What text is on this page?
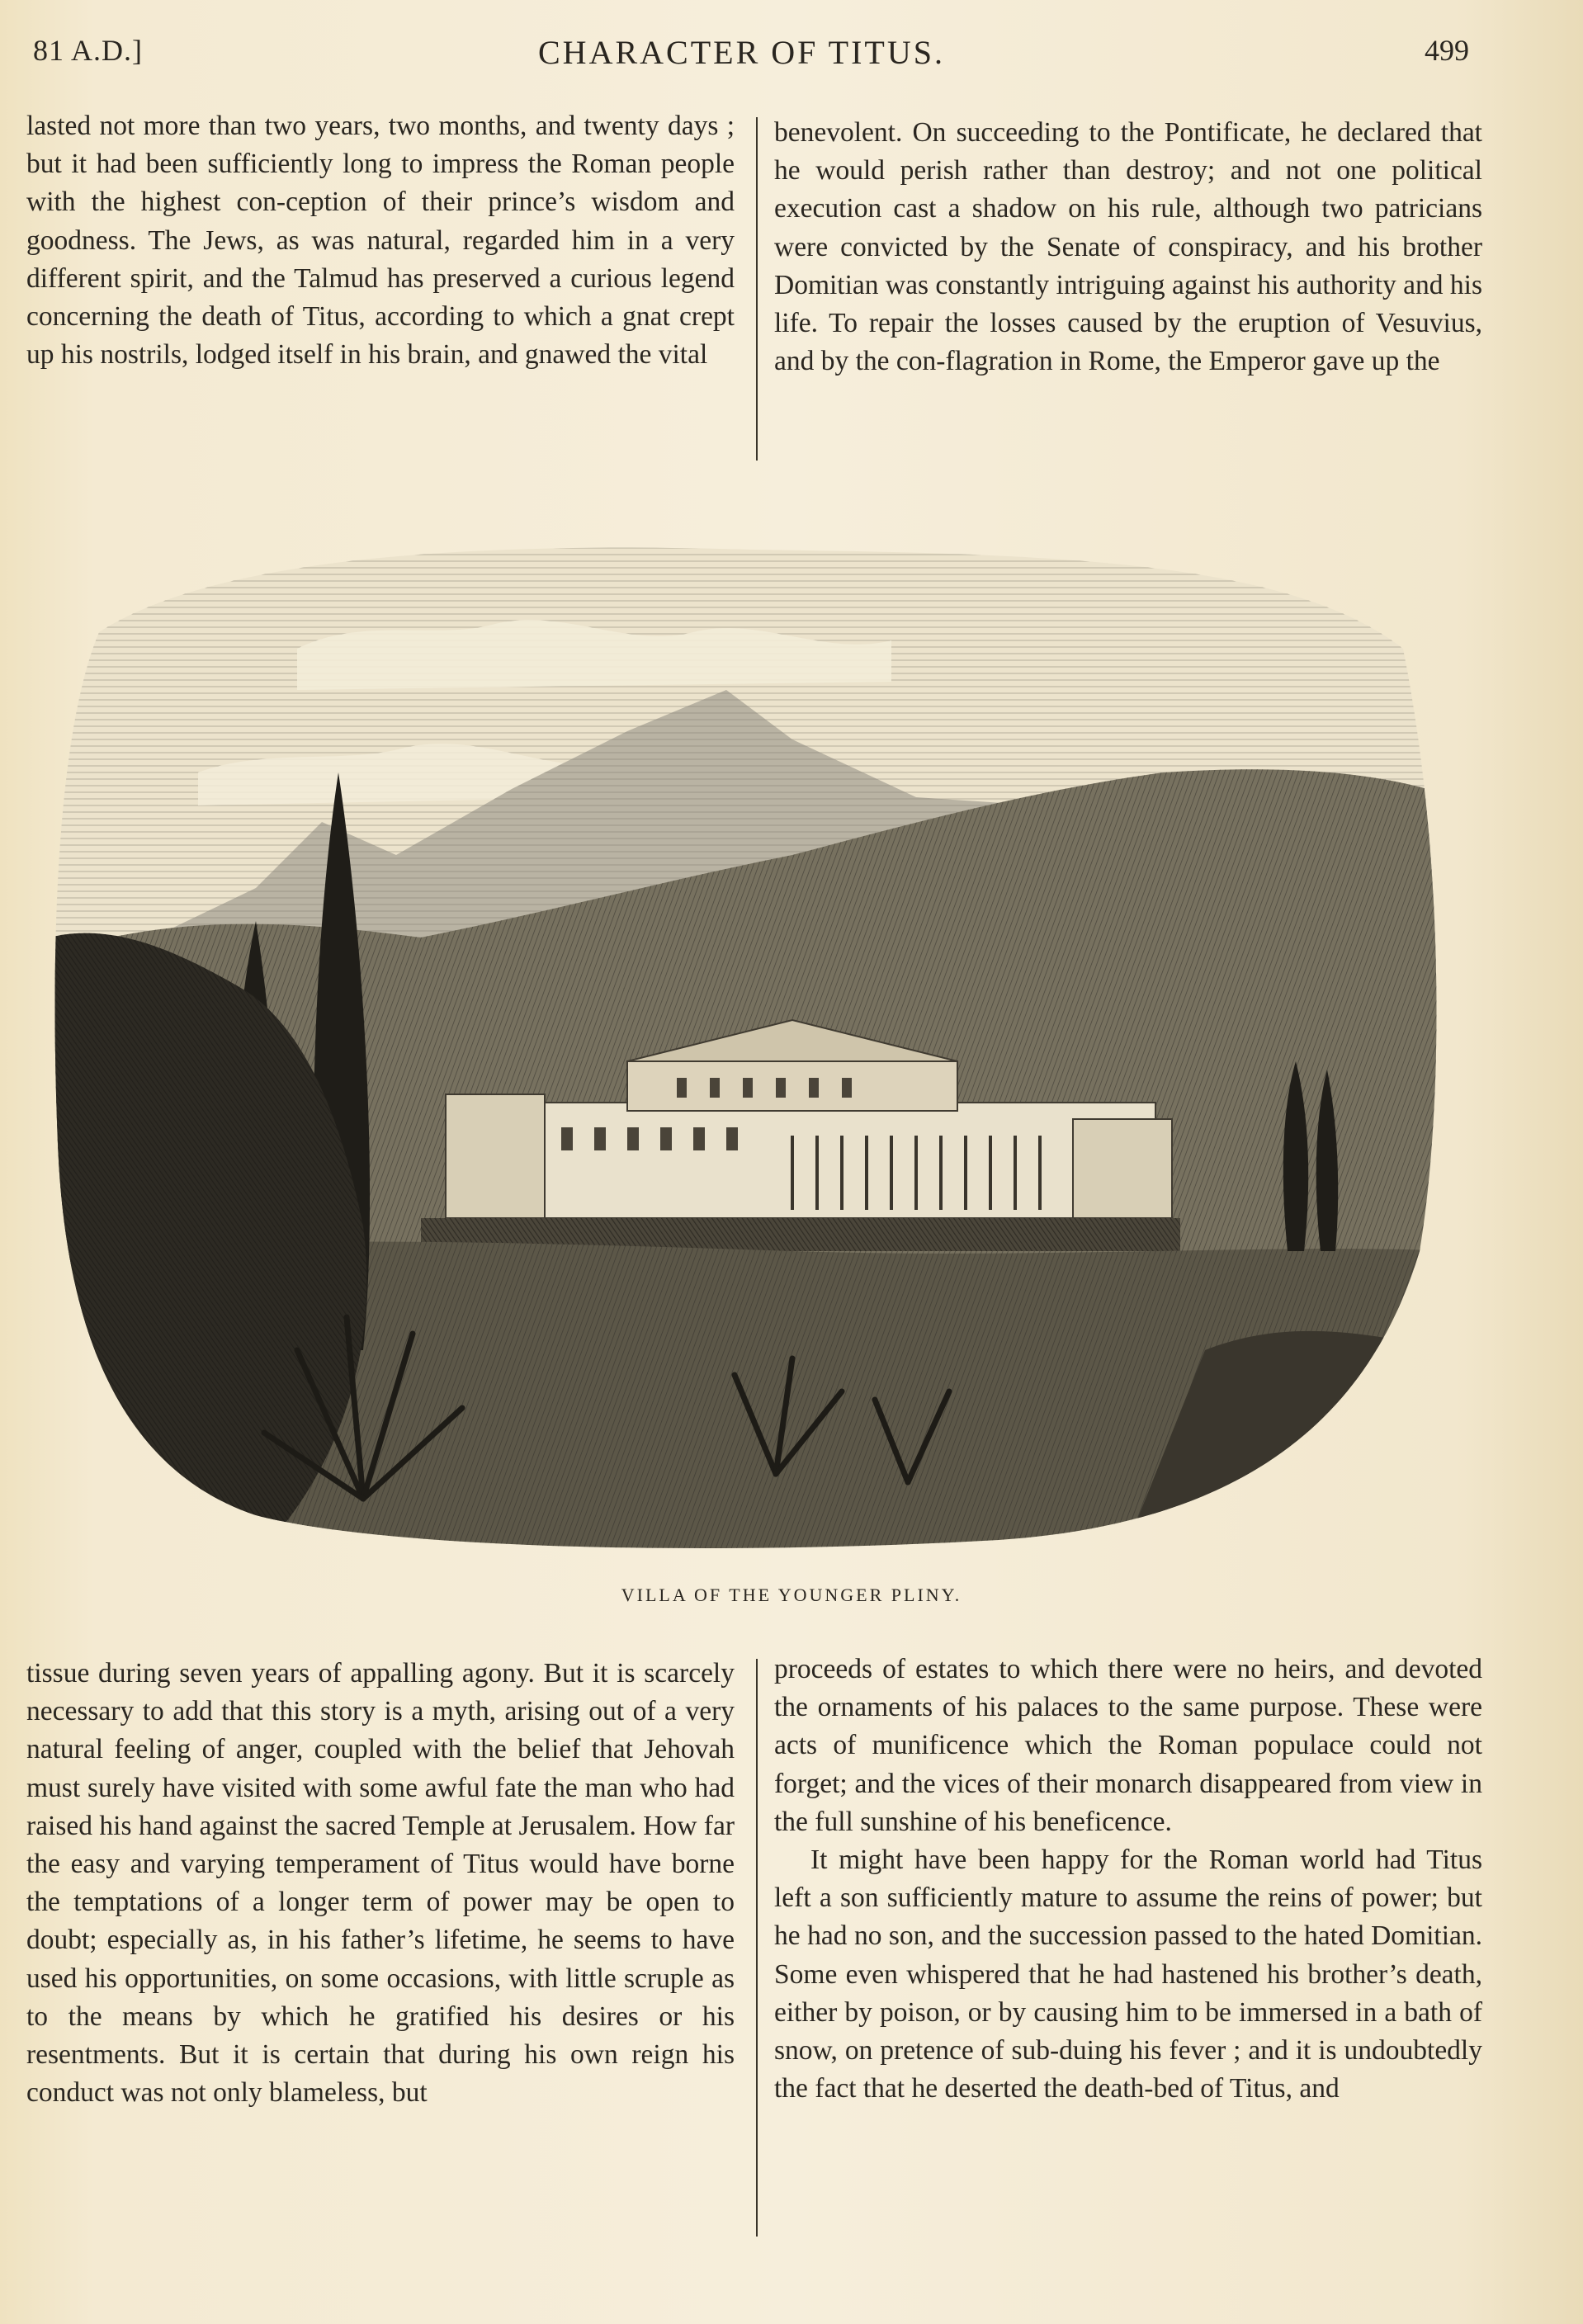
81 A.D.]	CHARACTER OF TITUS.	499

lasted not more than two years, two months, and twenty days ; but it had been sufficiently long to impress the Roman people with the highest con-ception of their prince’s wisdom and goodness. The Jews, as was natural, regarded him in a very different spirit, and the Talmud has preserved a curious legend concerning the death of Titus, according to which a gnat crept up his nostrils, lodged itself in his brain, and gnawed the vital

benevolent. On succeeding to the Pontificate, he declared that he would perish rather than destroy; and not one political execution cast a shadow on his rule, although two patricians were convicted by the Senate of conspiracy, and his brother Domitian was constantly intriguing against his authority and his life. To repair the losses caused by the eruption of Vesuvius, and by the con-flagration in Rome, the Emperor gave up the

VILLA OF THE YOUNGER PLINY.

tissue during seven years of appalling agony. But it is scarcely necessary to add that this story is a myth, arising out of a very natural feeling of anger, coupled with the belief that Jehovah must surely have visited with some awful fate the man who had raised his hand against the sacred Temple at Jerusalem. How far the easy and varying temperament of Titus would have borne the temptations of a longer term of power may be open to doubt; especially as, in his father’s lifetime, he seems to have used his opportunities, on some occasions, with little scruple as to the means by which he gratified his desires or his resentments. But it is certain that during his own reign his conduct was not only blameless, but

proceeds of estates to which there were no heirs, and devoted the ornaments of his palaces to the same purpose. These were acts of munificence which the Roman populace could not forget; and the vices of their monarch disappeared from view in the full sunshine of his beneficence.

It might have been happy for the Roman world had Titus left a son sufficiently mature to assume the reins of power; but he had no son, and the succession passed to the hated Domitian. Some even whispered that he had hastened his brother’s death, either by poison, or by causing him to be immersed in a bath of snow, on pretence of sub-duing his fever ; and it is undoubtedly the fact that he deserted the death-bed of Titus, and
